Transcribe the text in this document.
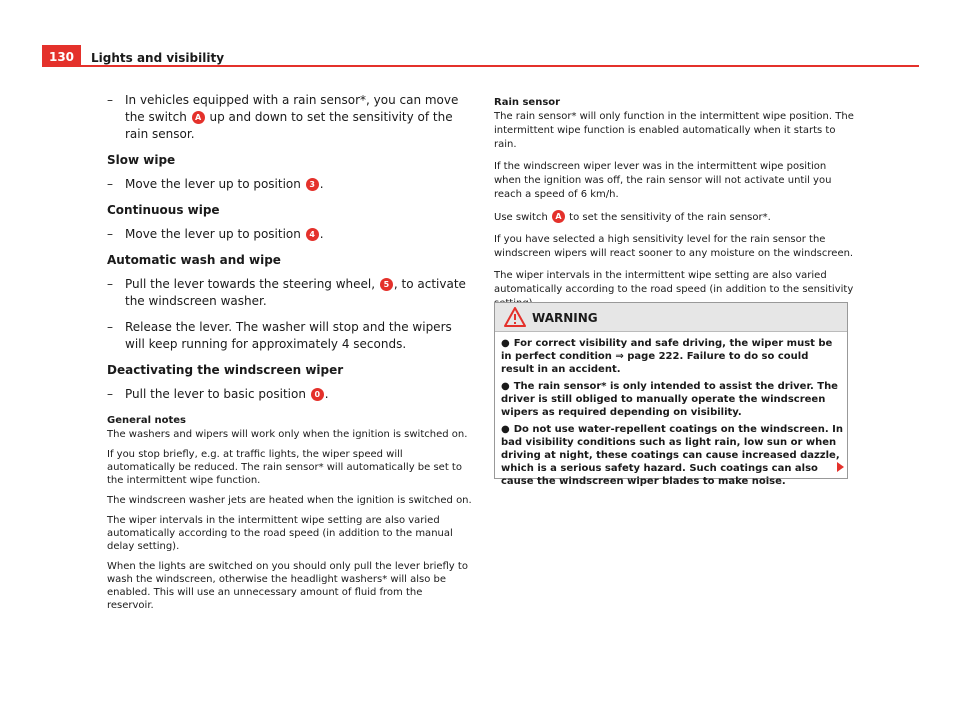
130	Lights and visibility
– In vehicles equipped with a rain sensor*, you can move the switch A up and down to set the sensitivity of the rain sensor.
Slow wipe
– Move the lever up to position 3 .
Continuous wipe
– Move the lever up to position 4 .
Automatic wash and wipe
– Pull the lever towards the steering wheel, 5 , to activate the windscreen washer.
– Release the lever. The washer will stop and the wipers will keep running for approximately 4 seconds.
Deactivating the windscreen wiper
– Pull the lever to basic position 0 .
General notes

The washers and wipers will work only when the ignition is switched on.

If you stop briefly, e.g. at traffic lights, the wiper speed will automatically be reduced. The rain sensor* will automatically be set to the intermittent wipe function.

The windscreen washer jets are heated when the ignition is switched on.

The wiper intervals in the intermittent wipe setting are also varied automatically according to the road speed (in addition to the manual delay setting).

When the lights are switched on you should only pull the lever briefly to wash the windscreen, otherwise the headlight washers* will also be enabled. This will use an unnecessary amount of fluid from the reservoir.

Rain sensor

The rain sensor* will only function in the intermittent wipe position. The intermittent wipe function is enabled automatically when it starts to rain.

If the windscreen wiper lever was in the intermittent wipe position when the ignition was off, the rain sensor will not activate until you reach a speed of 6 km/h.

Use switch A to set the sensitivity of the rain sensor*.

If you have selected a high sensitivity level for the rain sensor the windscreen wipers will react sooner to any moisture on the windscreen.

The wiper intervals in the intermittent wipe setting are also varied automatically according to the road speed (in addition to the sensitivity

WARNING

● For correct visibility and safe driving, the wiper must be in perfect condition ⇒ page 222. Failure to do so could result in an accident.

● The rain sensor* is only intended to assist the driver. The driver is still obliged to manually operate the windscreen wipers as required depending on visibility.

● Do not use water-repellent coatings on the windscreen. In bad visibility conditions such as light rain, low sun or when driving at night, these coatings can cause increased dazzle, which is a serious safety hazard. Such coatings can also cause the windscreen wiper blades to make noise.
